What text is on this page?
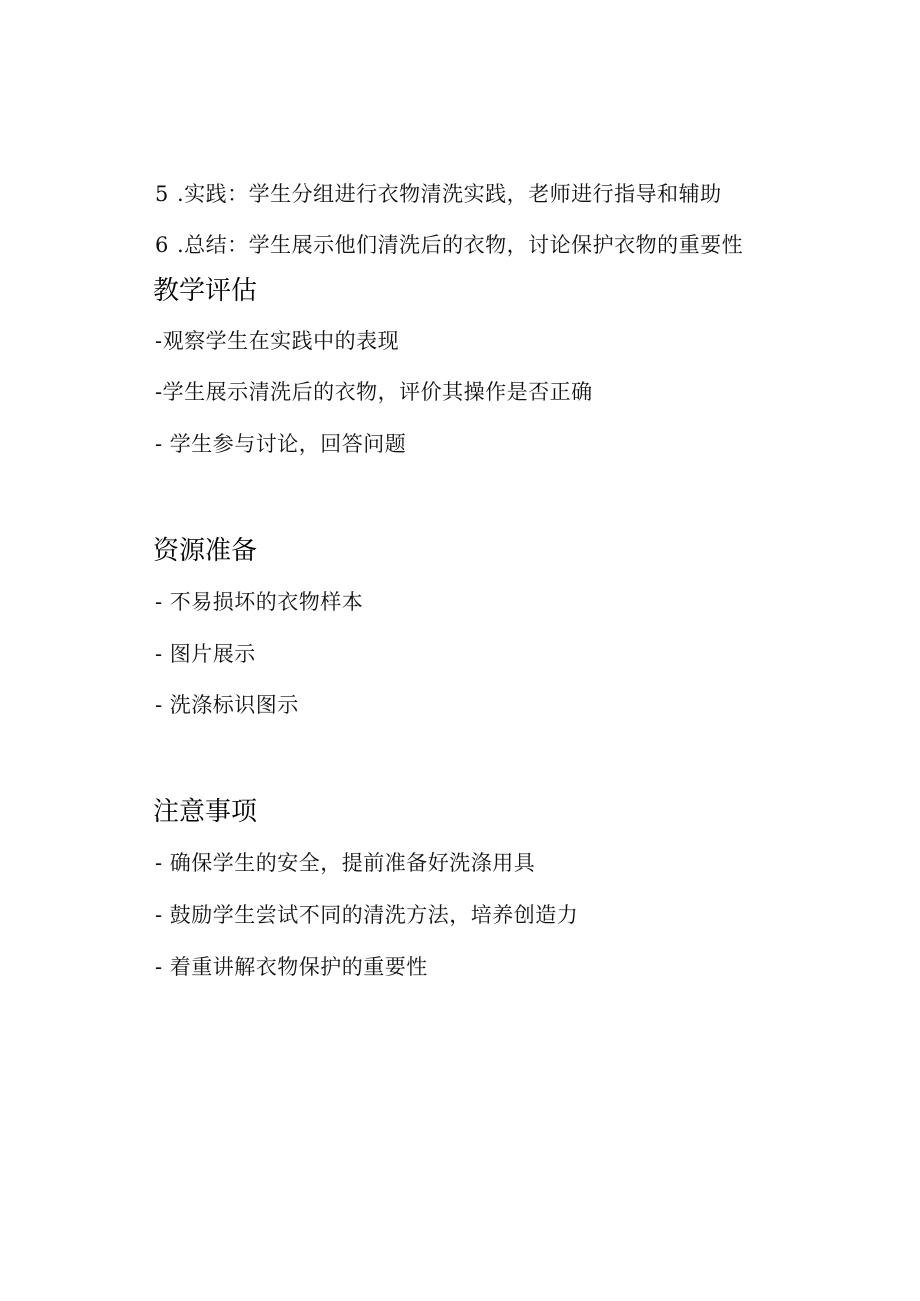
5 .实践：学生分组进行衣物清洗实践，老师进行指导和辅助
6 .总结：学生展示他们清洗后的衣物，讨论保护衣物的重要性
教学评估
-观察学生在实践中的表现
-学生展示清洗后的衣物，评价其操作是否正确
- 学生参与讨论，回答问题
资源准备
- 不易损坏的衣物样本
- 图片展示
- 洗涤标识图示
注意事项
- 确保学生的安全，提前准备好洗涤用具
- 鼓励学生尝试不同的清洗方法，培养创造力
- 着重讲解衣物保护的重要性
